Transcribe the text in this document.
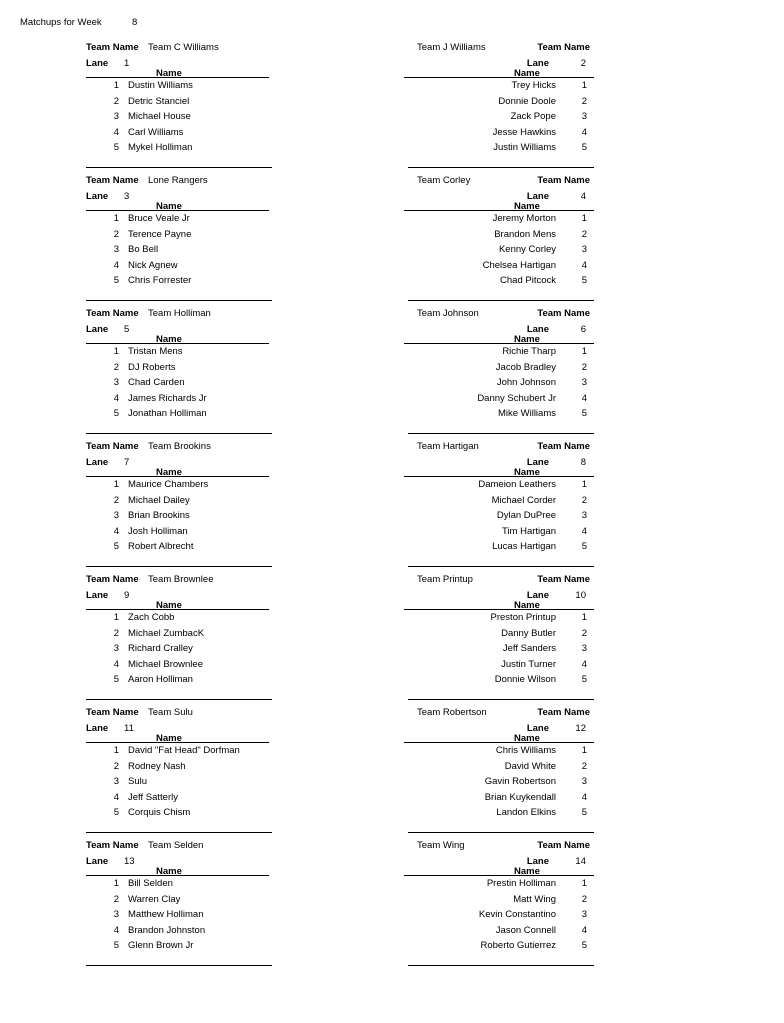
Matchups for Week	8
Team Name Team C Williams
Lane 1
Name
1 Dustin Williams
2 Detric Stanciel
3 Michael House
4 Carl Williams
5 Mykel Holliman
Team J Williams	Team Name
Lane	2
Name
Trey Hicks	1
Donnie Doole	2
Zack Pope	3
Jesse Hawkins	4
Justin Williams	5
Team Name Lone Rangers
Lane 3
Name
1 Bruce Veale Jr
2 Terence Payne
3 Bo Bell
4 Nick Agnew
5 Chris Forrester
Team Corley	Team Name
Lane	4
Name
Jeremy Morton	1
Brandon Mens	2
Kenny Corley	3
Chelsea Hartigan	4
Chad Pitcock	5
Team Name Team Holliman
Lane 5
Name
1 Tristan Mens
2 DJ Roberts
3 Chad Carden
4 James Richards Jr
5 Jonathan Holliman
Team Johnson	Team Name
Lane	6
Name
Richie Tharp	1
Jacob Bradley	2
John Johnson	3
Danny Schubert Jr	4
Mike Williams	5
Team Name Team Brookins
Lane 7
Name
1 Maurice Chambers
2 Michael Dailey
3 Brian Brookins
4 Josh Holliman
5 Robert Albrecht
Team Hartigan	Team Name
Lane	8
Name
Dameion Leathers	1
Michael Corder	2
Dylan DuPree	3
Tim Hartigan	4
Lucas Hartigan	5
Team Name Team Brownlee
Lane 9
Name
1 Zach Cobb
2 Michael ZumbacK
3 Richard Cralley
4 Michael Brownlee
5 Aaron Holliman
Team Printup	Team Name
Lane	10
Name
Preston Printup	1
Danny Butler	2
Jeff Sanders	3
Justin Turner	4
Donnie Wilson	5
Team Name Team Sulu
Lane 11
Name
1 David "Fat Head" Dorfman
2 Rodney Nash
3 Sulu
4 Jeff Satterly
5 Corquis Chism
Team Robertson	Team Name
Lane	12
Name
Chris Williams	1
David White	2
Gavin Robertson	3
Brian Kuykendall	4
Landon Elkins	5
Team Name Team Selden
Lane 13
Name
1 Bill Selden
2 Warren Clay
3 Matthew Holliman
4 Brandon Johnston
5 Glenn Brown Jr
Team Wing	Team Name
Lane	14
Name
Prestin Holliman	1
Matt Wing	2
Kevin Constantino	3
Jason Connell	4
Roberto Gutierrez	5
